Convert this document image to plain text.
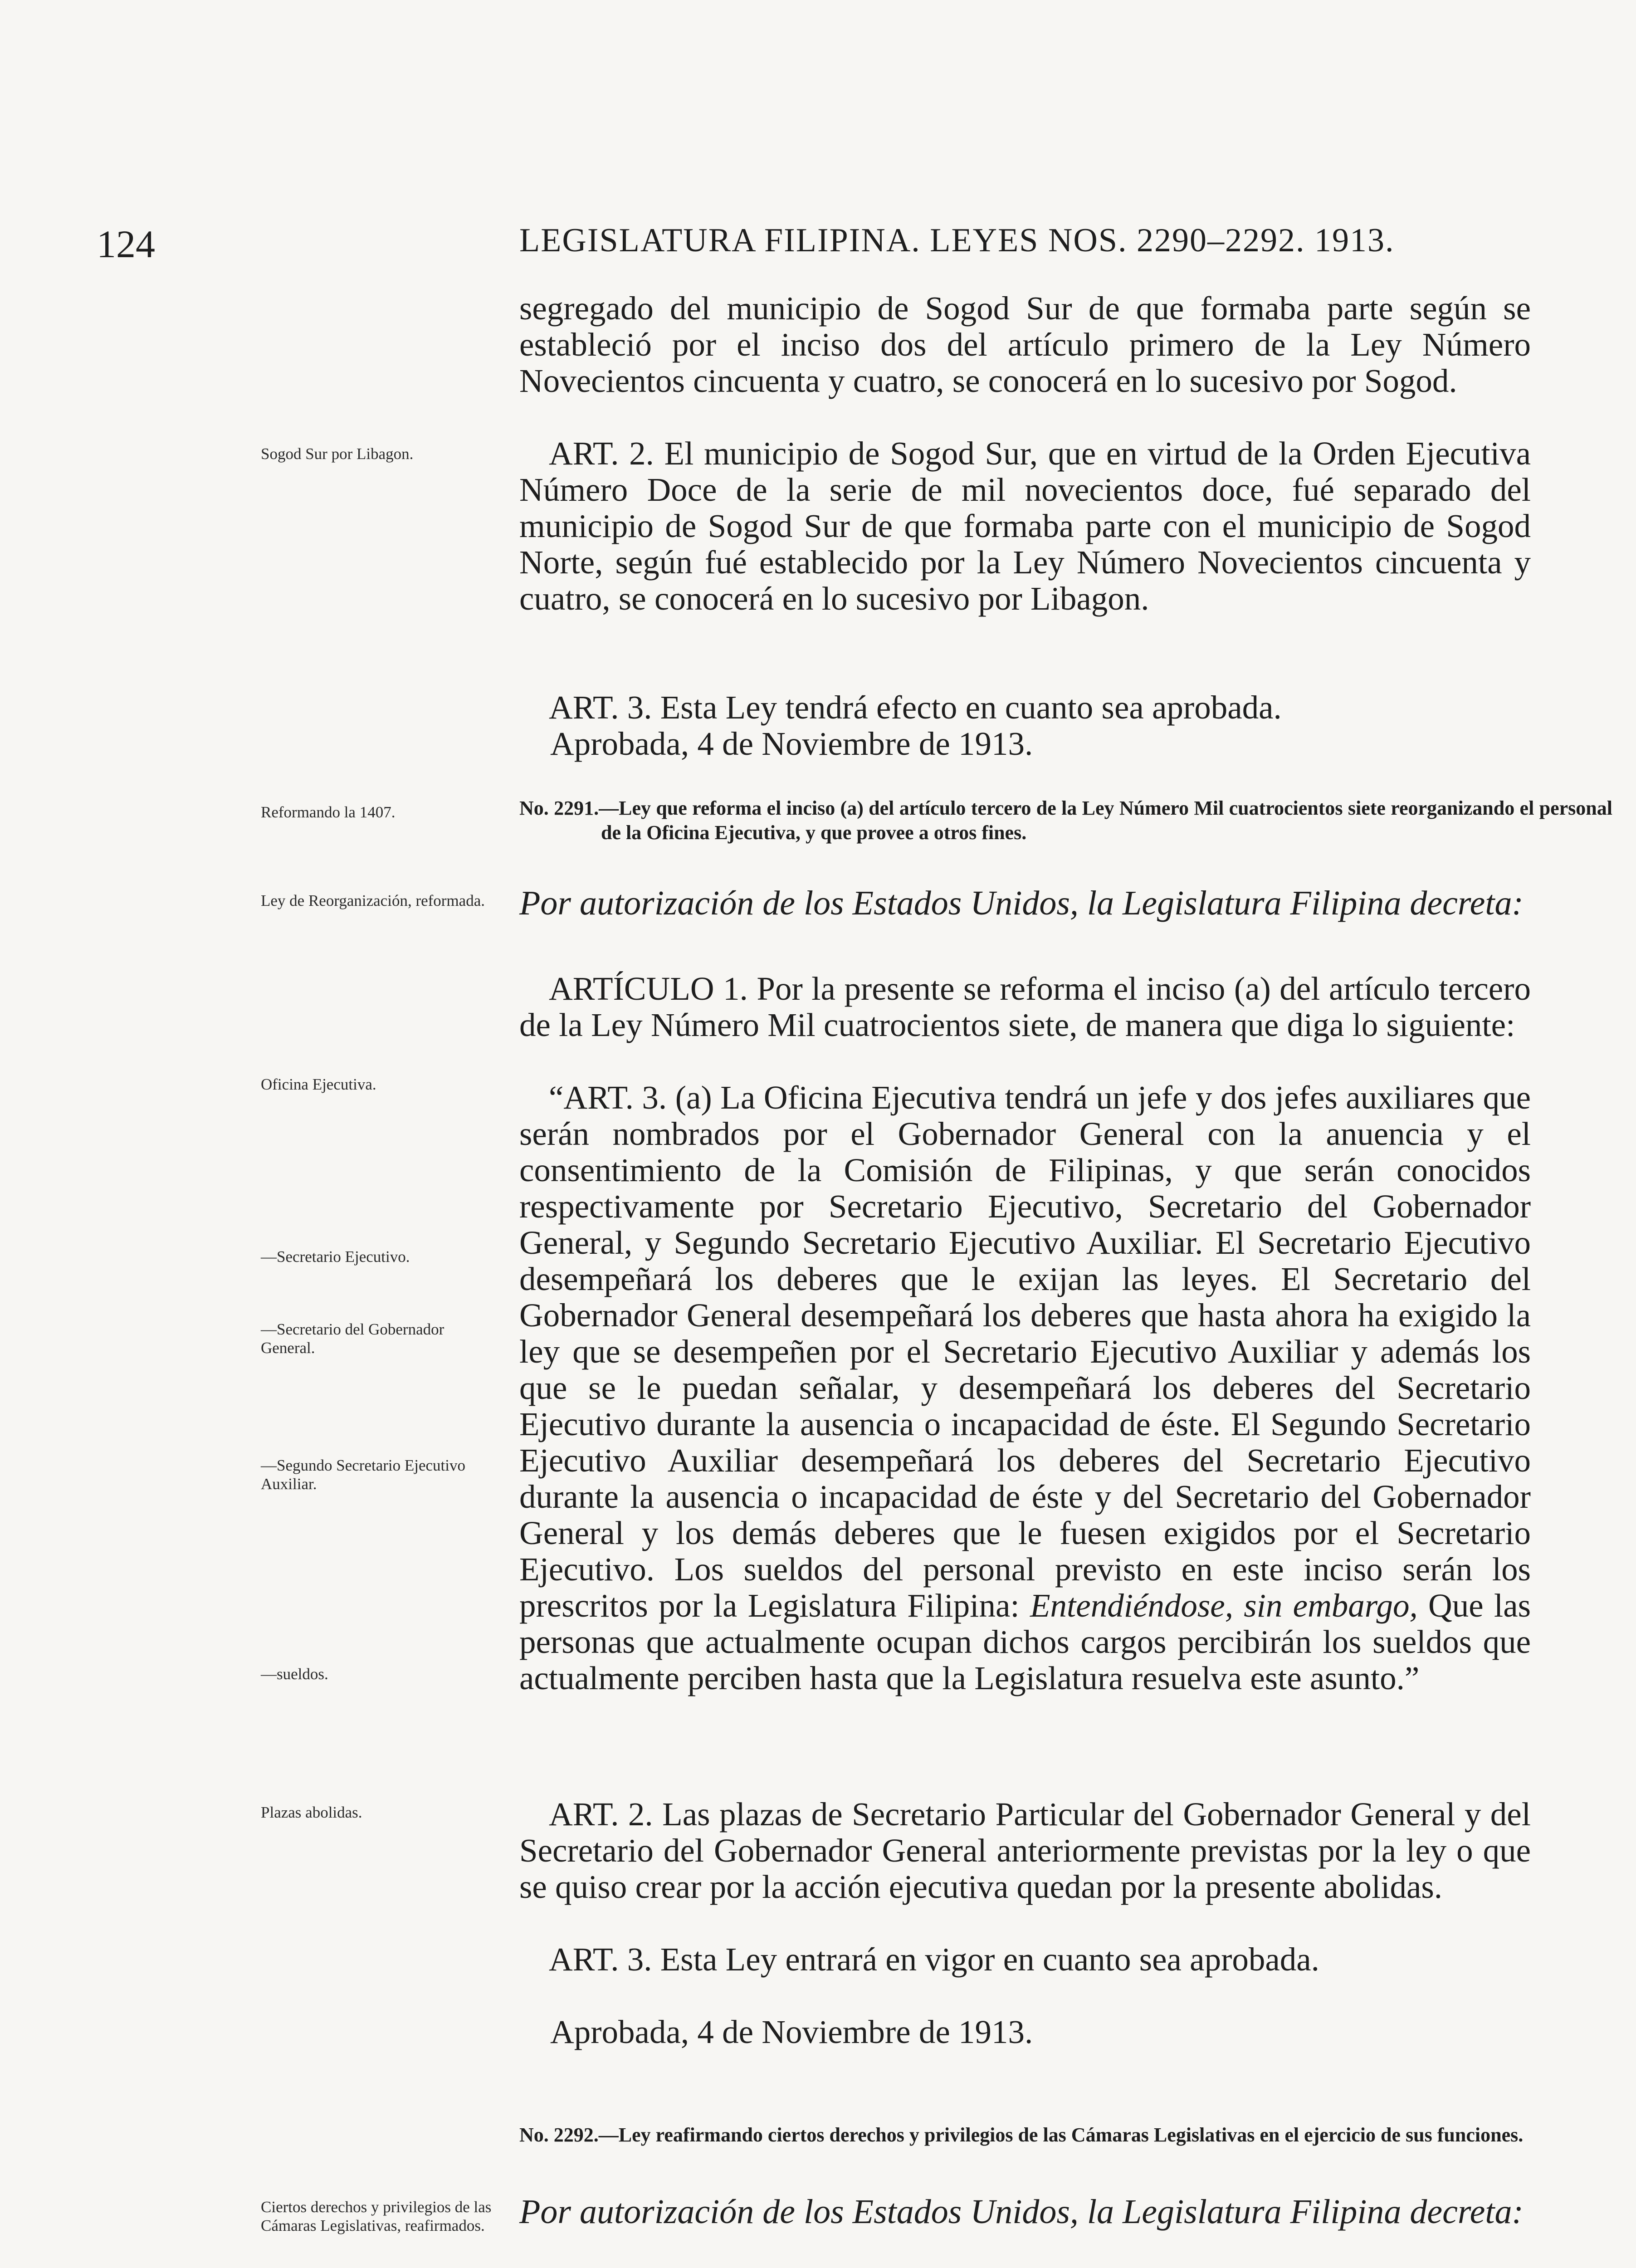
124	LEGISLATURA FILIPINA. LEYES NOS. 2290–2292. 1913.

segregado del municipio de Sogod Sur de que formaba parte según se estableció por el inciso dos del artículo primero de la Ley Número Novecientos cincuenta y cuatro, se conocerá en lo sucesivo por Sogod.

Sogod Sur por Libagon.	ART. 2. El municipio de Sogod Sur, que en virtud de la Orden Ejecutiva Número Doce de la serie de mil novecientos doce, fué separado del municipio de Sogod Sur de que formaba parte con el municipio de Sogod Norte, según fué establecido por la Ley Número Novecientos cincuenta y cuatro, se conocerá en lo sucesivo por Libagon.

ART. 3. Esta Ley tendrá efecto en cuanto sea aprobada.

Aprobada, 4 de Noviembre de 1913.

Reformando la 1407.	No. 2291.—Ley que reforma el inciso (a) del artículo tercero de la Ley Número Mil cuatrocientos siete reorganizando el personal de la Oficina Ejecutiva, y que provee a otros fines.

Ley de Reorganización, reformada.	Por autorización de los Estados Unidos, la Legislatura Filipina decreta:

ARTÍCULO 1. Por la presente se reforma el inciso (a) del artículo tercero de la Ley Número Mil cuatrocientos siete, de manera que diga lo siguiente:

Oficina Ejecutiva.

—Secretario Ejecutivo.

—Secretario del Gobernador General.

—Segundo Secretario Ejecutivo Auxiliar.

—sueldos.

“ART. 3. (a) La Oficina Ejecutiva tendrá un jefe y dos jefes auxiliares que serán nombrados por el Gobernador General con la anuencia y el consentimiento de la Comisión de Filipinas, y que serán conocidos respectivamente por Secretario Ejecutivo, Secretario del Gobernador General, y Segundo Secretario Ejecutivo Auxiliar. El Secretario Ejecutivo desempeñará los deberes que le exijan las leyes. El Secretario del Gobernador General desempeñará los deberes que hasta ahora ha exigido la ley que se desempeñen por el Secretario Ejecutivo Auxiliar y además los que se le puedan señalar, y desempeñará los deberes del Secretario Ejecutivo durante la ausencia o incapacidad de éste. El Segundo Secretario Ejecutivo Auxiliar desempeñará los deberes del Secretario Ejecutivo durante la ausencia o incapacidad de éste y del Secretario del Gobernador General y los demás deberes que le fuesen exigidos por el Secretario Ejecutivo. Los sueldos del personal previsto en este inciso serán los prescritos por la Legislatura Filipina: Entendiéndose, sin embargo, Que las personas que actualmente ocupan dichos cargos percibirán los sueldos que actualmente perciben hasta que la Legislatura resuelva este asunto.”

Plazas abolidas.	ART. 2. Las plazas de Secretario Particular del Gobernador General y del Secretario del Gobernador General anteriormente previstas por la ley o que se quiso crear por la acción ejecutiva quedan por la presente abolidas.

ART. 3. Esta Ley entrará en vigor en cuanto sea aprobada.

Aprobada, 4 de Noviembre de 1913.

No. 2292.—Ley reafirmando ciertos derechos y privilegios de las Cámaras Legislativas en el ejercicio de sus funciones.

Ciertos derechos y privilegios de las Cámaras Legislativas, reafirmados.	Por autorización de los Estados Unidos, la Legislatura Filipina decreta:
